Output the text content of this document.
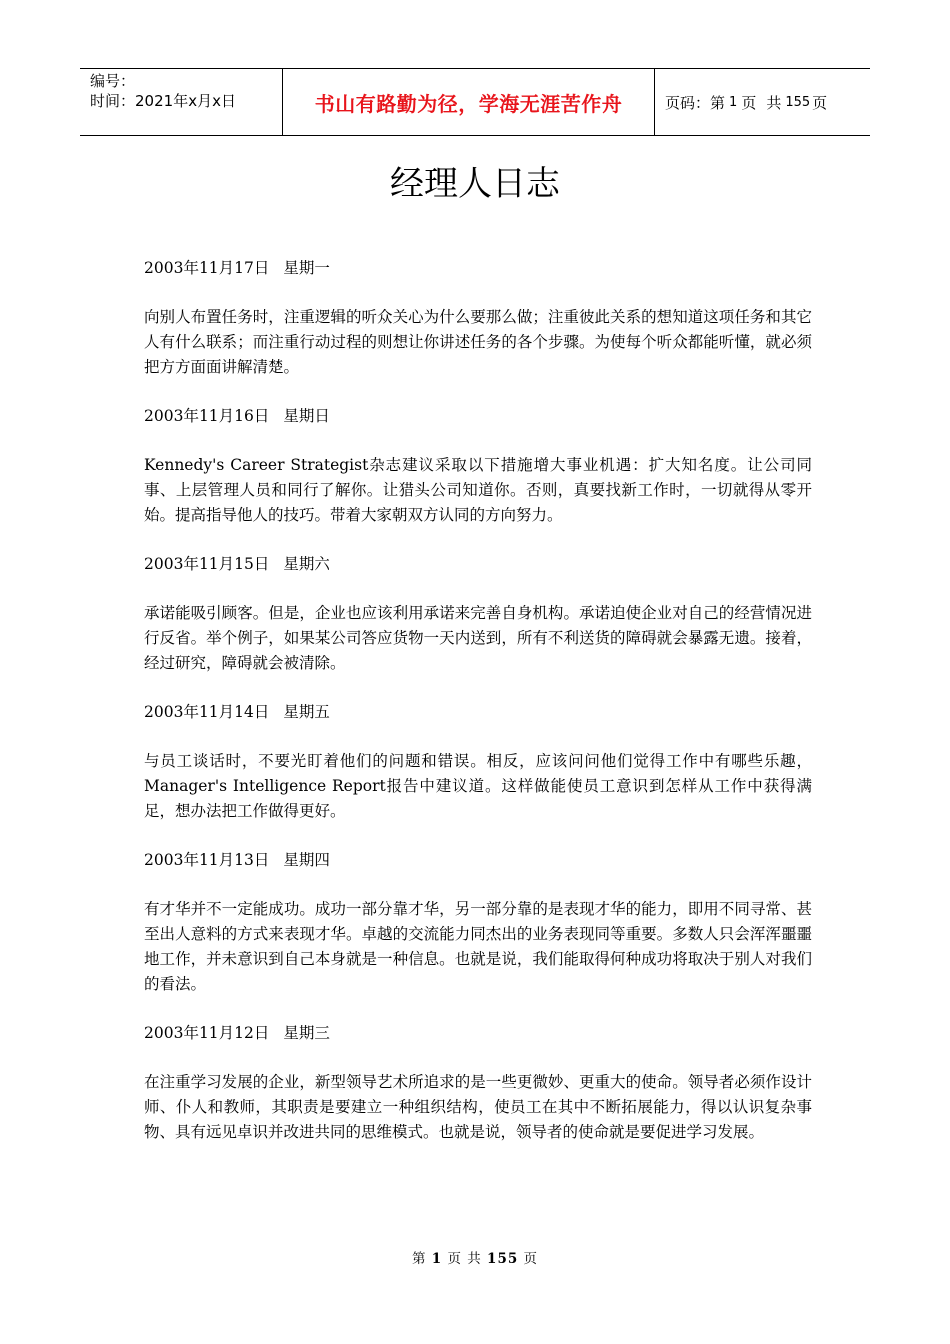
编号：
时间：2021年x月x日	书山有路勤为径，学海无涯苦作舟	页码： 第 1 页 共 155 页
经理人日志

2003年11月17日 星期一

向别人布置任务时，注重逻辑的听众关心为什么要那么做；注重彼此关系的想知道这项任务和其它人有什么联系；而注重行动过程的则想让你讲述任务的各个步骤。为使每个听众都能听懂，就必须把方方面面讲解清楚。

2003年11月16日 星期日

Kennedy's Career Strategist杂志建议采取以下措施增大事业机遇：扩大知名度。让公司同事、上层管理人员和同行了解你。让猎头公司知道你。否则，真要找新工作时，一切就得从零开始。提高指导他人的技巧。带着大家朝双方认同的方向努力。

2003年11月15日 星期六

承诺能吸引顾客。但是，企业也应该利用承诺来完善自身机构。承诺迫使企业对自己的经营情况进行反省。举个例子，如果某公司答应货物一天内送到，所有不利送货的障碍就会暴露无遗。接着，经过研究，障碍就会被清除。

2003年11月14日 星期五

与员工谈话时，不要光盯着他们的问题和错误。相反，应该问问他们觉得工作中有哪些乐趣，Manager's Intelligence Report报告中建议道。这样做能使员工意识到怎样从工作中获得满足，想办法把工作做得更好。

2003年11月13日 星期四

有才华并不一定能成功。成功一部分靠才华，另一部分靠的是表现才华的能力，即用不同寻常、甚至出人意料的方式来表现才华。卓越的交流能力同杰出的业务表现同等重要。多数人只会浑浑噩噩地工作，并未意识到自己本身就是一种信息。也就是说，我们能取得何种成功将取决于别人对我们的看法。

2003年11月12日 星期三

在注重学习发展的企业，新型领导艺术所追求的是一些更微妙、更重大的使命。领导者必须作设计师、仆人和教师，其职责是要建立一种组织结构，使员工在其中不断拓展能力，得以认识复杂事物、具有远见卓识并改进共同的思维模式。也就是说，领导者的使命就是要促进学习发展。

第 1 页 共 155 页
